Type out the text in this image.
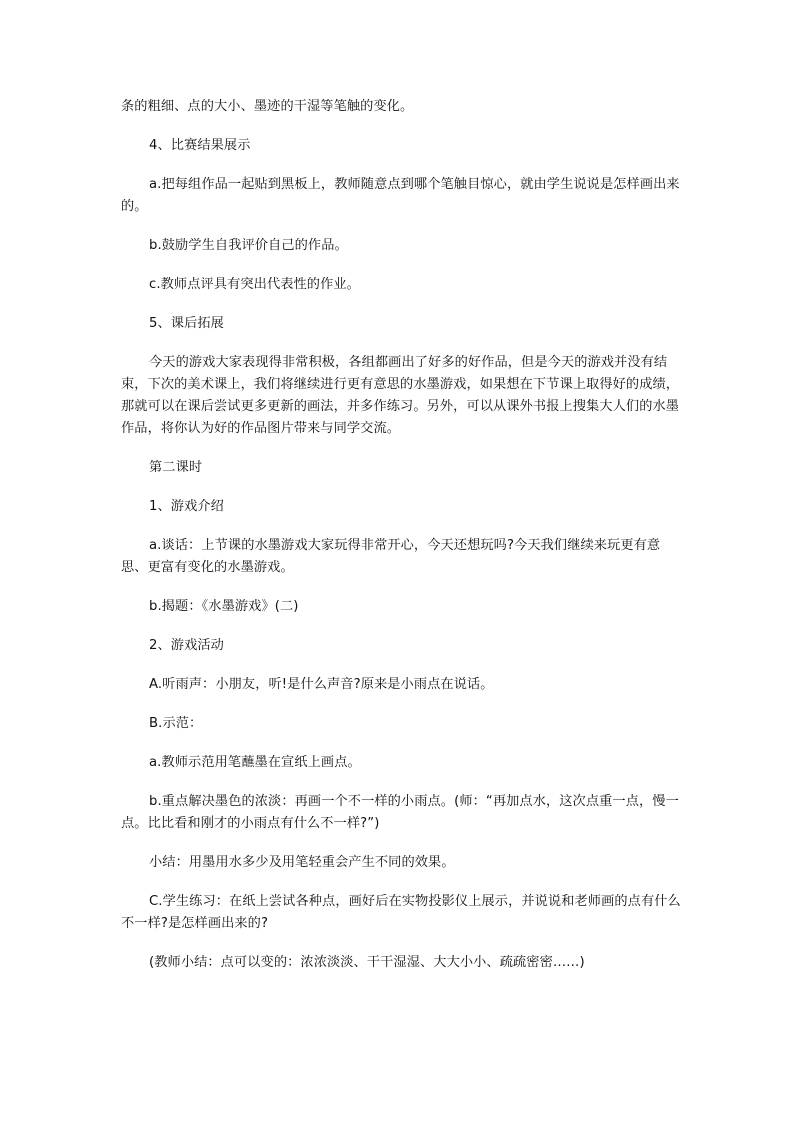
条的粗细、点的大小、墨迹的干湿等笔触的变化。

4、比赛结果展示

a.把每组作品一起贴到黑板上，教师随意点到哪个笔触目惊心，就由学生说说是怎样画出来的。

b.鼓励学生自我评价自己的作品。

c.教师点评具有突出代表性的作业。

5、课后拓展

今天的游戏大家表现得非常积极，各组都画出了好多的好作品，但是今天的游戏并没有结束，下次的美术课上，我们将继续进行更有意思的水墨游戏，如果想在下节课上取得好的成绩，那就可以在课后尝试更多更新的画法，并多作练习。另外，可以从课外书报上搜集大人们的水墨作品，将你认为好的作品图片带来与同学交流。

第二课时

1、游戏介绍

a.谈话：上节课的水墨游戏大家玩得非常开心，今天还想玩吗?今天我们继续来玩更有意思、更富有变化的水墨游戏。

b.揭题：《水墨游戏》(二)

2、游戏活动

A.听雨声：小朋友，听!是什么声音?原来是小雨点在说话。

B.示范：

a.教师示范用笔蘸墨在宣纸上画点。

b.重点解决墨色的浓淡：再画一个不一样的小雨点。(师：“再加点水，这次点重一点，慢一点。比比看和刚才的小雨点有什么不一样?”)

小结：用墨用水多少及用笔轻重会产生不同的效果。

C.学生练习：在纸上尝试各种点，画好后在实物投影仪上展示，并说说和老师画的点有什么不一样?是怎样画出来的?

(教师小结：点可以变的：浓浓淡淡、干干湿湿、大大小小、疏疏密密……)
